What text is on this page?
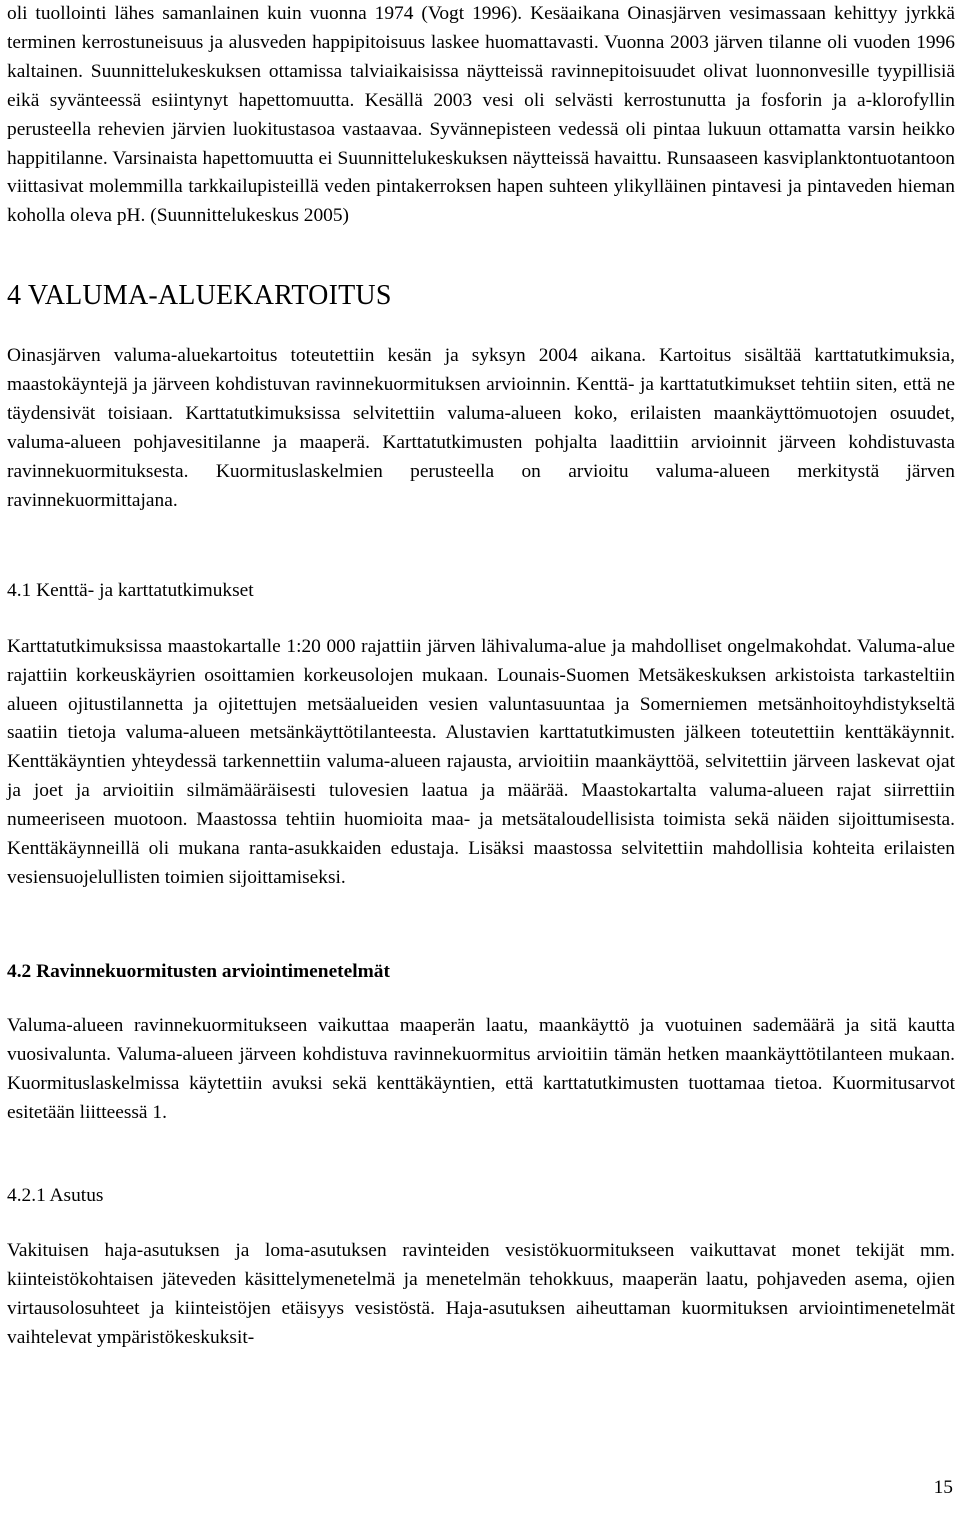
oli tuollointi lähes samanlainen kuin vuonna 1974 (Vogt 1996). Kesäaikana Oinasjärven vesimassaan kehittyy jyrkkä terminen kerrostuneisuus ja alusveden happipitoisuus laskee huomattavasti. Vuonna 2003 järven tilanne oli vuoden 1996 kaltainen. Suunnittelukeskuksen ottamissa talviaikaisissa näytteissä ravinnepitoisuudet olivat luonnonvesille tyypillisiä eikä syvänteessä esiintynyt hapettomuutta. Kesällä 2003 vesi oli selvästi kerrostunutta ja fosforin ja a-klorofyllin perusteella rehevien järvien luokitustasoa vastaavaa. Syvännepisteen vedessä oli pintaa lukuun ottamatta varsin heikko happitilanne. Varsinaista hapettomuutta ei Suunnittelukeskuksen näytteissä havaittu. Runsaaseen kasviplanktontuotantoon viittasivat molemmilla tarkkailupisteillä veden pintakerroksen hapen suhteen ylikylläinen pintavesi ja pintaveden hieman koholla oleva pH. (Suunnittelukeskus 2005)

4 VALUMA-ALUEKARTOITUS

Oinasjärven valuma-aluekartoitus toteutettiin kesän ja syksyn 2004 aikana. Kartoitus sisältää karttatutkimuksia, maastokäyntejä ja järveen kohdistuvan ravinnekuormituksen arvioinnin. Kenttä- ja karttatutkimukset tehtiin siten, että ne täydensivät toisiaan. Karttatutkimuksissa selvitettiin valuma-alueen koko, erilaisten maankäyttömuotojen osuudet, valuma-alueen pohjavesitilanne ja maaperä. Karttatutkimusten pohjalta laadittiin arvioinnit järveen kohdistuvasta ravinnekuormituksesta. Kuormituslaskelmien perusteella on arvioitu valuma-alueen merkitystä järven ravinnekuormittajana.

4.1 Kenttä- ja karttatutkimukset

Karttatutkimuksissa maastokartalle 1:20 000 rajattiin järven lähivaluma-alue ja mahdolliset ongelmakohdat. Valuma-alue rajattiin korkeuskäyrien osoittamien korkeusolojen mukaan. Lounais-Suomen Metsäkeskuksen arkistoista tarkasteltiin alueen ojitustilannetta ja ojitettujen metsäalueiden vesien valuntasuuntaa ja Somerniemen metsänhoitoyhdistykseltä saatiin tietoja valuma-alueen metsänkäyttötilanteesta. Alustavien karttatutkimusten jälkeen toteutettiin kenttäkäynnit. Kenttäkäyntien yhteydessä tarkennettiin valuma-alueen rajausta, arvioitiin maankäyttöä, selvitettiin järveen laskevat ojat ja joet ja arvioitiin silmämääräisesti tulovesien laatua ja määrää. Maastokartalta valuma-alueen rajat siirrettiin numeeriseen muotoon. Maastossa tehtiin huomioita maa- ja metsätaloudellisista toimista sekä näiden sijoittumisesta. Kenttäkäynneillä oli mukana ranta-asukkaiden edustaja. Lisäksi maastossa selvitettiin mahdollisia kohteita erilaisten vesiensuojelullisten toimien sijoittamiseksi.

4.2 Ravinnekuormitusten arviointimenetelmät

Valuma-alueen ravinnekuormitukseen vaikuttaa maaperän laatu, maankäyttö ja vuotuinen sademäärä ja sitä kautta vuosivalunta. Valuma-alueen järveen kohdistuva ravinnekuormitus arvioitiin tämän hetken maankäyttötilanteen mukaan. Kuormituslaskelmissa käytettiin avuksi sekä kenttäkäyntien, että karttatutkimusten tuottamaa tietoa. Kuormitusarvot esitetään liitteessä 1.

4.2.1 Asutus

Vakituisen haja-asutuksen ja loma-asutuksen ravinteiden vesistökuormitukseen vaikuttavat monet tekijät mm. kiinteistökohtaisen jäteveden käsittelymenetelmä ja menetelmän tehokkuus, maaperän laatu, pohjaveden asema, ojien virtausolosuhteet ja kiinteistöjen etäisyys vesistöstä. Haja-asutuksen aiheuttaman kuormituksen arviointimenetelmät vaihtelevat ympäristökeskuksit-

15
